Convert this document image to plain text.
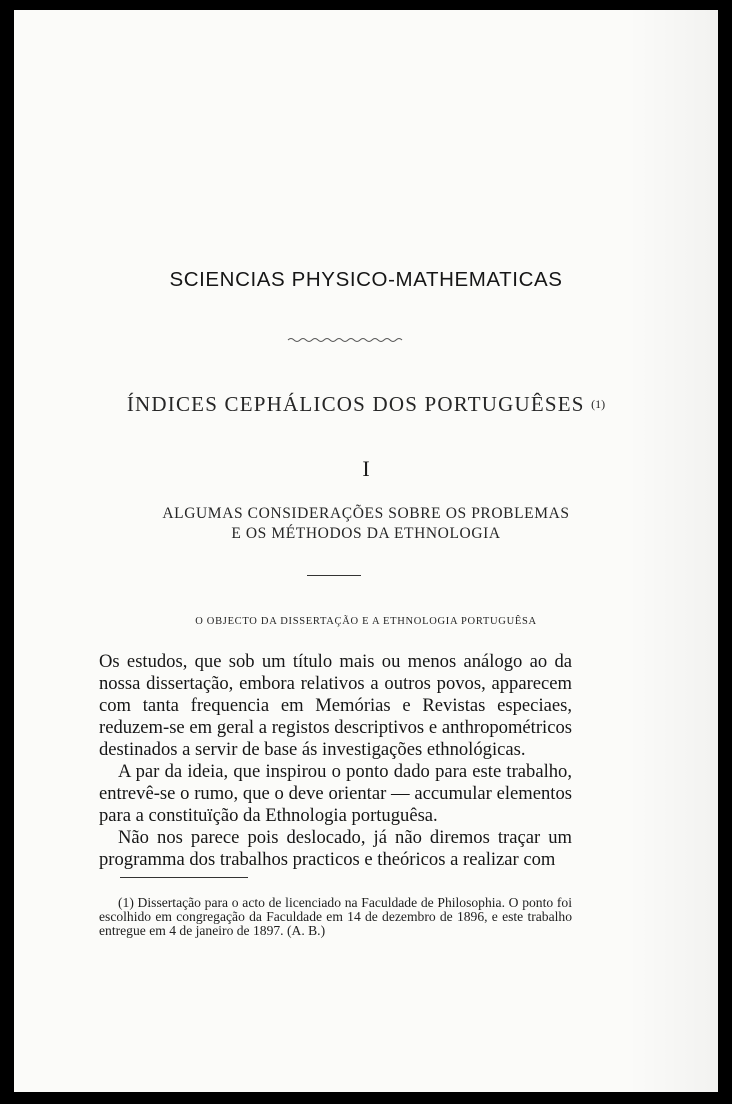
SCIENCIAS PHYSICO-MATHEMATICAS
ÍNDICES CEPHÁLICOS DOS PORTUGUÊSES $^{(1)}$
I
ALGUMAS CONSIDERAÇÕES SOBRE OS PROBLEMAS
E OS MÉTHODOS DA ETHNOLOGIA
O OBJECTO DA DISSERTAÇÃO E A ETHNOLOGIA PORTUGUÊSA

Os estudos, que sob um título mais ou menos análogo ao da nossa dissertação, embora relativos a outros povos, apparecem com tanta frequencia em Memórias e Revistas especiaes, reduzem-se em geral a registos descriptivos e anthropométricos destinados a servir de base ás investigações ethnológicas.

A par da ideia, que inspirou o ponto dado para este trabalho, entrevê-se o rumo, que o deve orientar — accumular elementos para a constituïção da Ethnologia portuguêsa.

Não nos parece pois deslocado, já não diremos traçar um programma dos trabalhos practicos e theóricos a realizar com

(1) Dissertação para o acto de licenciado na Faculdade de Philosophia. O ponto foi escolhido em congregação da Faculdade em 14 de dezembro de 1896, e este trabalho entregue em 4 de janeiro de 1897. (A. B.)
